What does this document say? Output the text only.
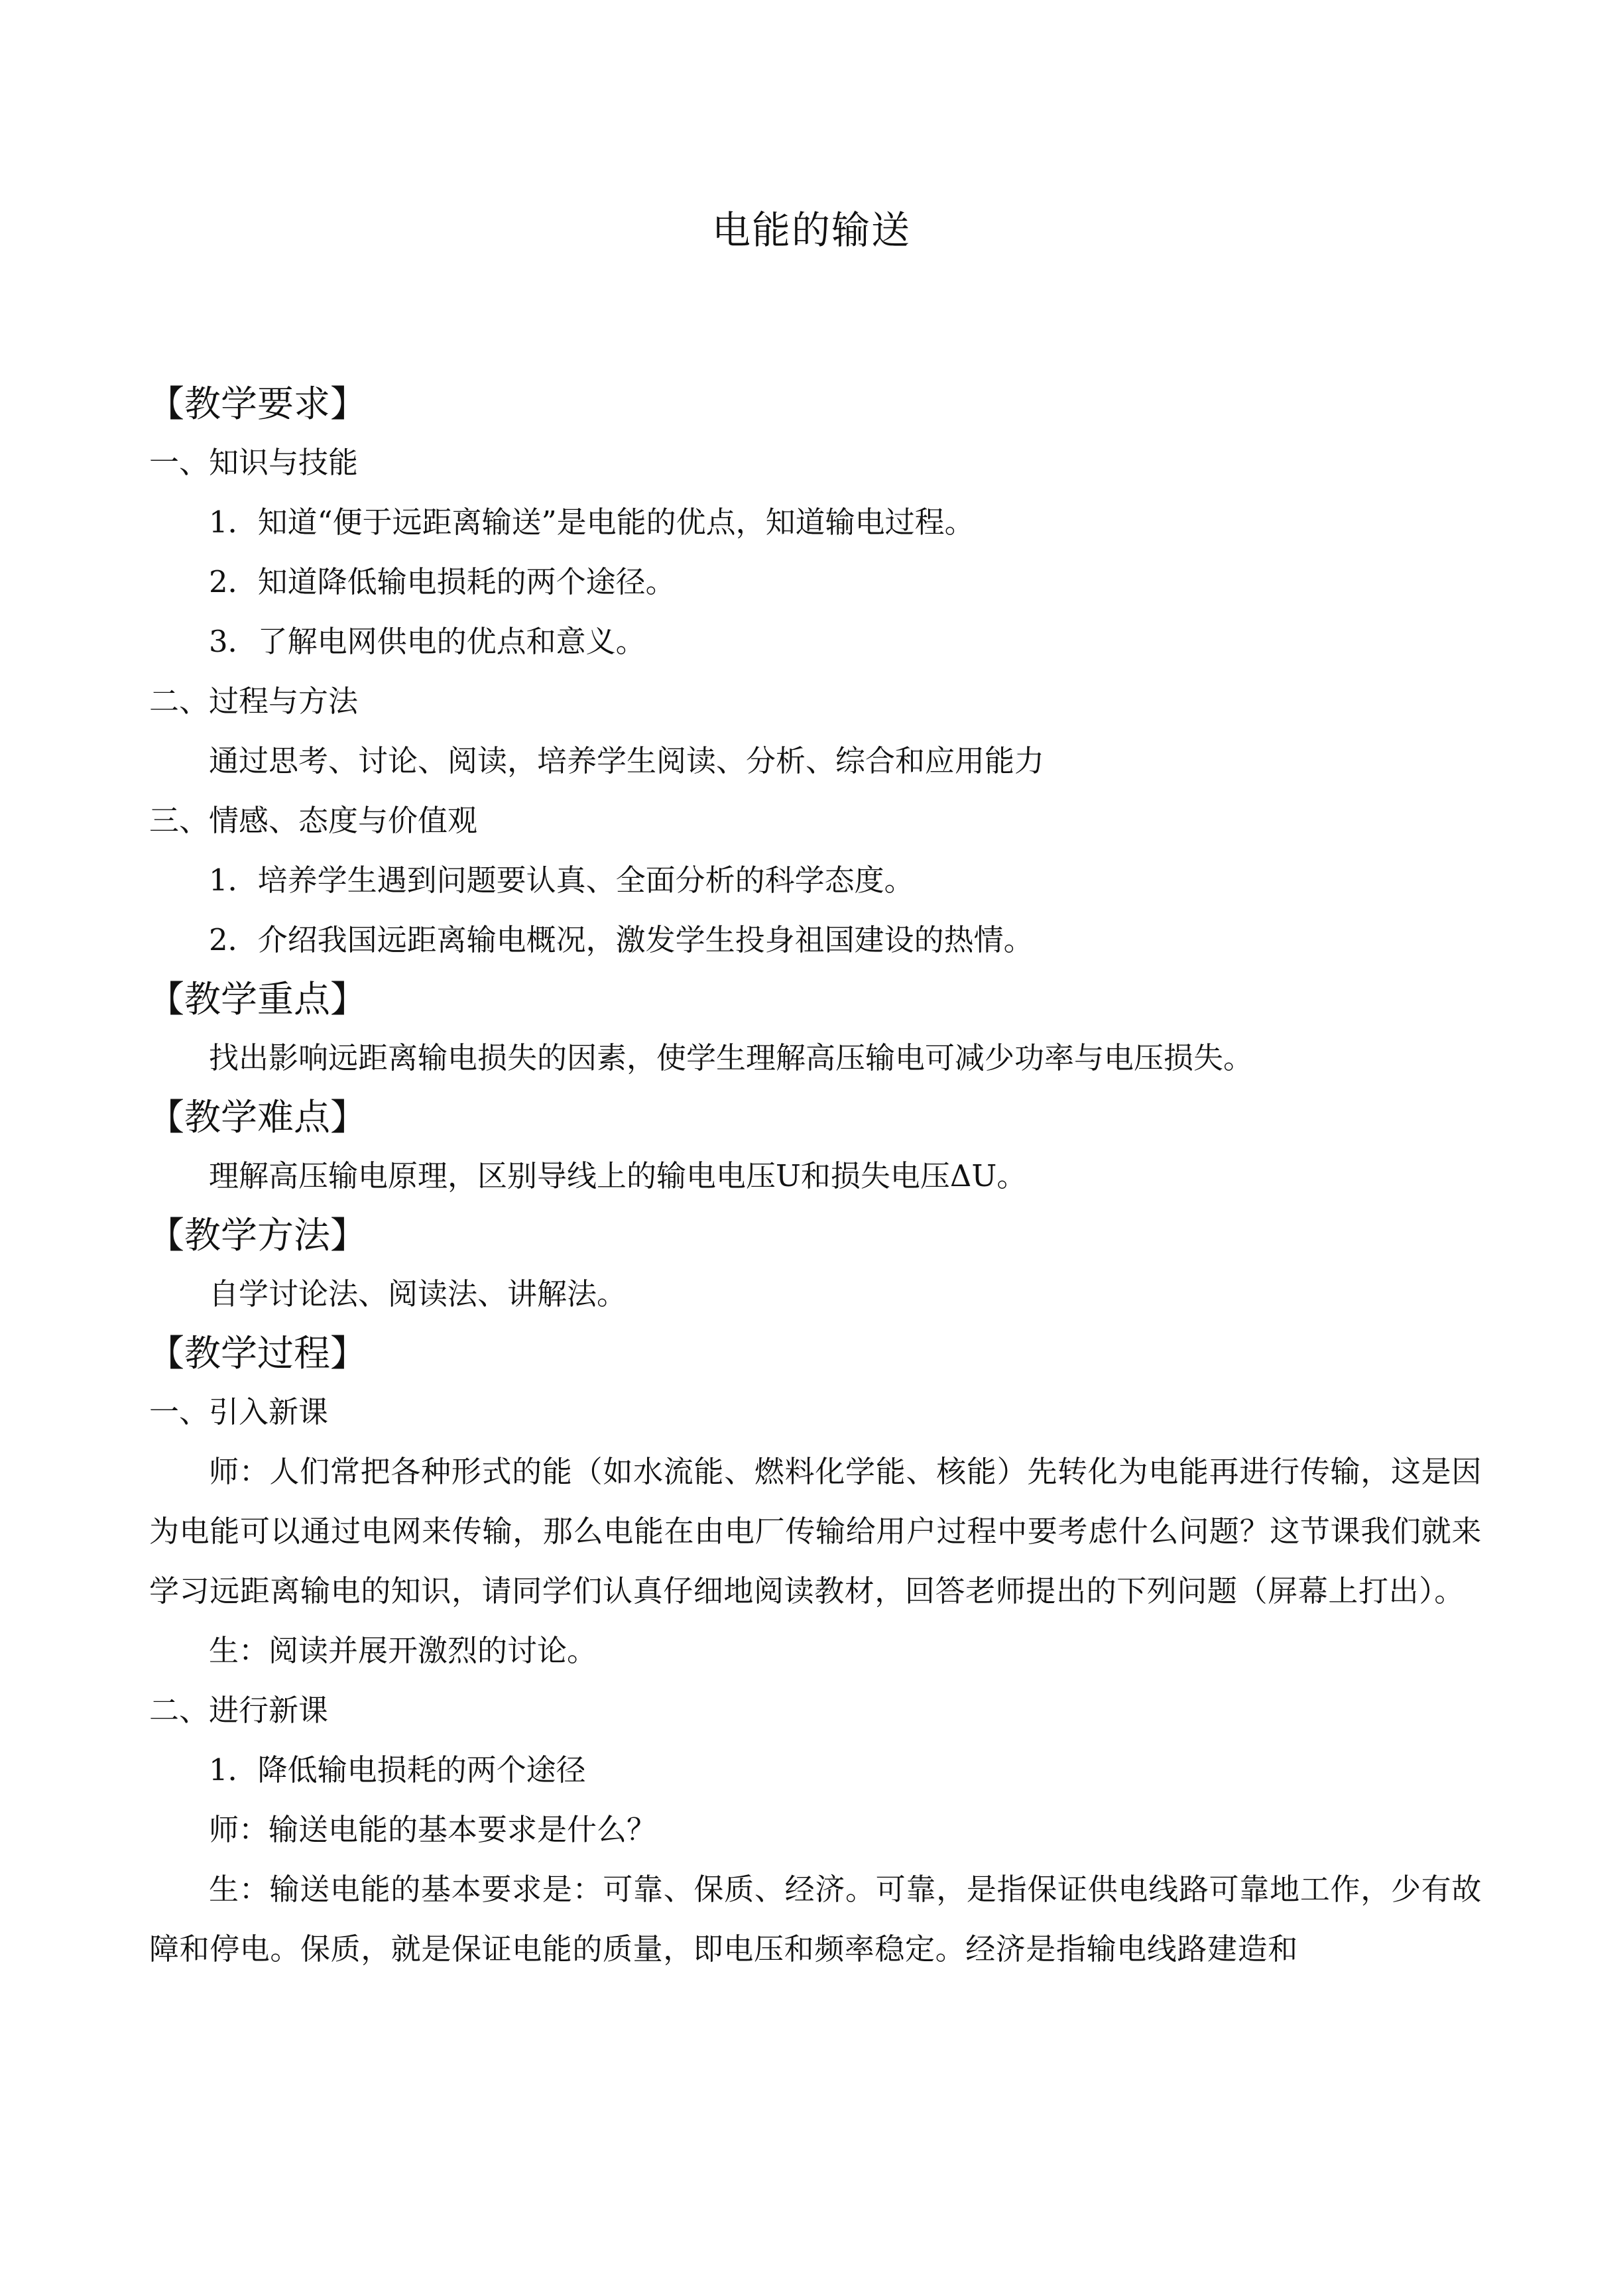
电能的输送

【教学要求】

一、知识与技能

1．知道“便于远距离输送”是电能的优点，知道输电过程。

2．知道降低输电损耗的两个途径。

3．了解电网供电的优点和意义。

二、过程与方法

通过思考、讨论、阅读，培养学生阅读、分析、综合和应用能力

三、情感、态度与价值观

1．培养学生遇到问题要认真、全面分析的科学态度。

2．介绍我国远距离输电概况，激发学生投身祖国建设的热情。

【教学重点】

找出影响远距离输电损失的因素，使学生理解高压输电可减少功率与电压损失。

【教学难点】

理解高压输电原理，区别导线上的输电电压U和损失电压ΔU。

【教学方法】

自学讨论法、阅读法、讲解法。

【教学过程】

一、引入新课

师：人们常把各种形式的能（如水流能、燃料化学能、核能）先转化为电能再进行传输，这是因为电能可以通过电网来传输，那么电能在由电厂传输给用户过程中要考虑什么问题？这节课我们就来学习远距离输电的知识，请同学们认真仔细地阅读教材，回答老师提出的下列问题（屏幕上打出）。

生：阅读并展开激烈的讨论。

二、进行新课

1．降低输电损耗的两个途径

师：输送电能的基本要求是什么？

生：输送电能的基本要求是：可靠、保质、经济。可靠，是指保证供电线路可靠地工作，少有故障和停电。保质，就是保证电能的质量，即电压和频率稳定。经济是指输电线路建造和
